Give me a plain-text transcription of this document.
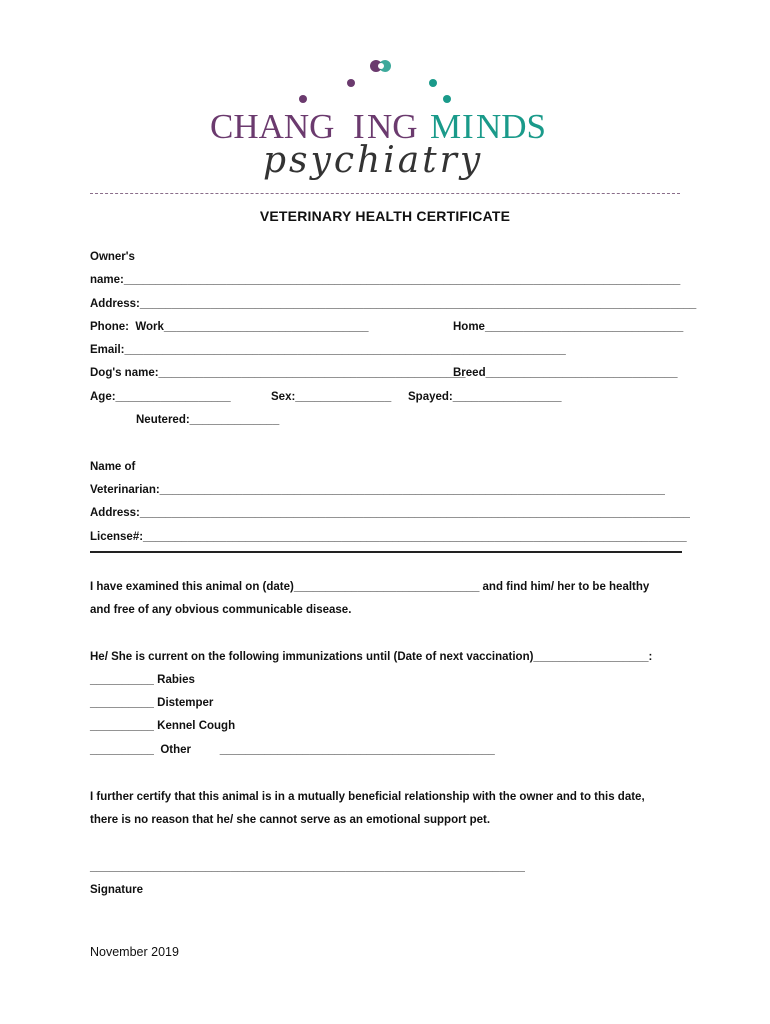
CHANG I NG M I NDS
psychiatry
VETERINARY HEALTH CERTIFICATE
Owner's
name:_______________________________________________________________________________________
Address:_______________________________________________________________________________________
Phone:  Work________________________________	Home_______________________________
Email:_____________________________________________________________________
Dog's name:________________________________________________
Breed______________________________
Age:__________________	Sex:_______________ Spayed:_________________
Neutered:______________
Name of
Veterinarian:_______________________________________________________________________________
Address:______________________________________________________________________________________
License#:_____________________________________________________________________________________
I have examined this animal on (date)_____________________________ and find him/ her to be healthy
and free of any obvious communicable disease.
He/ She is current on the following immunizations until (Date of next vaccination)__________________:
__________ Rabies
__________ Distemper
__________ Kennel Cough
__________  Other         ___________________________________________
I further certify that this animal is in a mutually beneficial relationship with the owner and to this date,
there is no reason that he/ she cannot serve as an emotional support pet.
____________________________________________________________________
Signature
November 2019
